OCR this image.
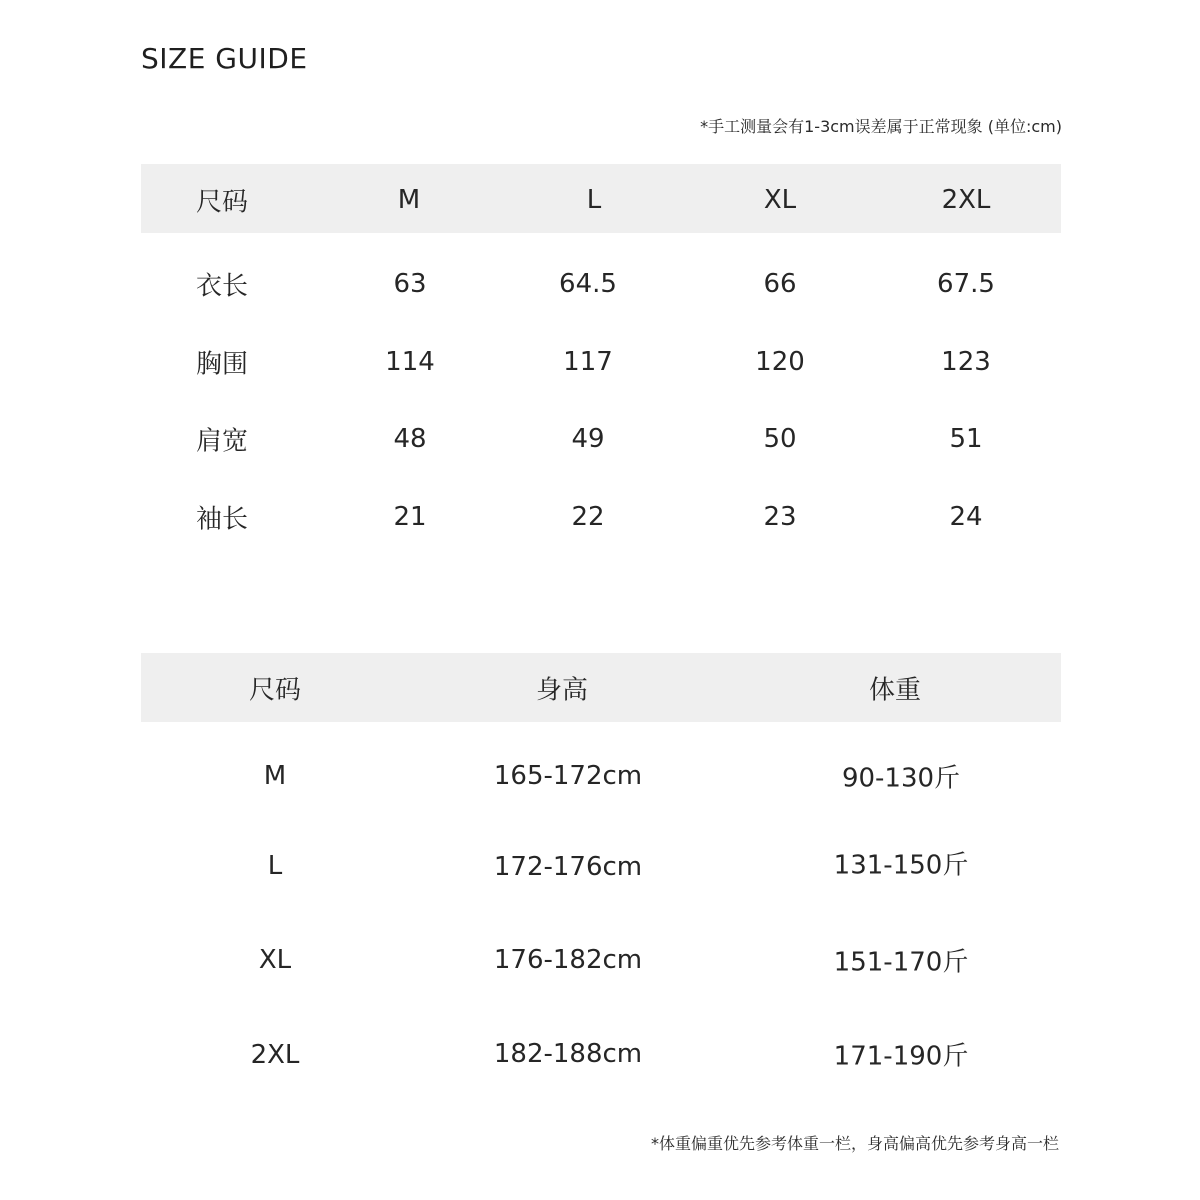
SIZE GUIDE
*手工测量会有1-3cm误差属于正常现象 (单位:cm)
尺码	M	L	XL	2XL
衣长	63	64.5	66	67.5
胸围	114	117	120	123
肩宽	48	49	50	51
袖长	21	22	23	24
尺码	身高	体重
M	165-172cm	90-130斤
L	172-176cm	131-150斤
XL	176-182cm	151-170斤
2XL	182-188cm	171-190斤
*体重偏重优先参考体重一栏，身高偏高优先参考身高一栏
